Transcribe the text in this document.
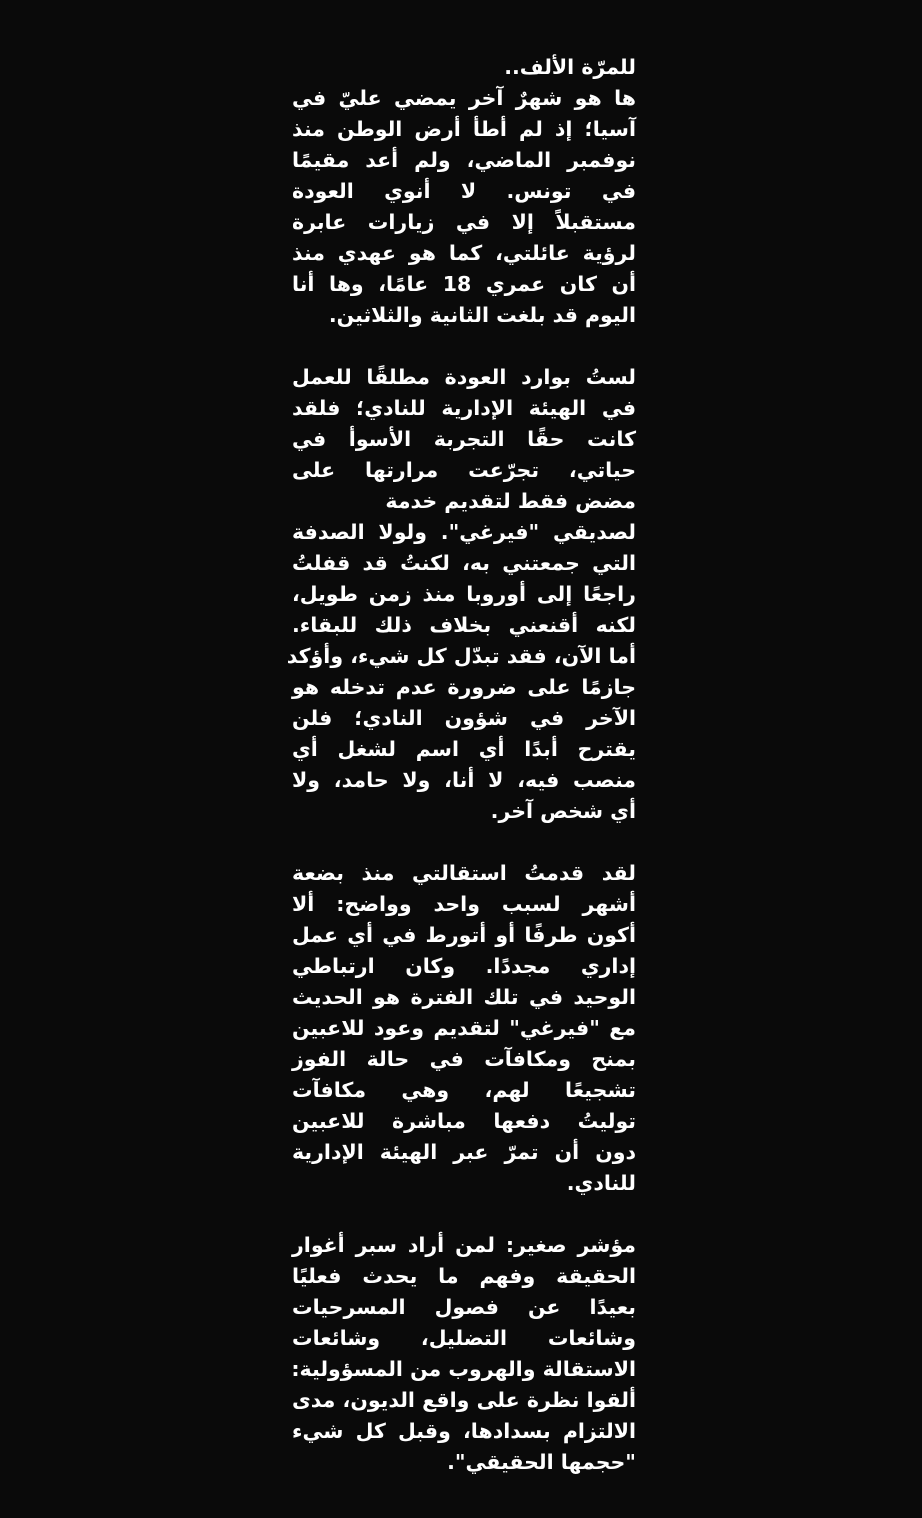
للمرّة الألف..
ها هو شهرٌ آخر يمضي عليّ في
آسيا؛ إذ لم أطأ أرض الوطن منذ
نوفمبر الماضي، ولم أعد مقيمًا
في تونس. لا أنوي العودة
مستقبلاً إلا في زيارات عابرة
لرؤية عائلتي، كما هو عهدي منذ
أن كان عمري 18 عامًا، وها أنا
اليوم قد بلغت الثانية والثلاثين.
لستُ بوارد العودة مطلقًا للعمل
في الهيئة الإدارية للنادي؛ فلقد
كانت حقًا التجربة الأسوأ في
حياتي، تجرّعت مرارتها على
مضض فقط لتقديم خدمة
لصديقي "فيرغي". ولولا الصدفة
التي جمعتني به، لكنتُ قد قفلتُ
راجعًا إلى أوروبا منذ زمن طويل،
لكنه أقنعني بخلاف ذلك للبقاء.
أما الآن، فقد تبدّل كل شيء، وأؤكد
جازمًا على ضرورة عدم تدخله هو
الآخر في شؤون النادي؛ فلن
يقترح أبدًا أي اسم لشغل أي
منصب فيه، لا أنا، ولا حامد، ولا
أي شخص آخر.
لقد قدمتُ استقالتي منذ بضعة
أشهر لسبب واحد وواضح: ألا
أكون طرفًا أو أتورط في أي عمل
إداري مجددًا. وكان ارتباطي
الوحيد في تلك الفترة هو الحديث
مع "فيرغي" لتقديم وعود للاعبين
بمنح ومكافآت في حالة الفوز
تشجيعًا لهم، وهي مكافآت
توليتُ دفعها مباشرة للاعبين
دون أن تمرّ عبر الهيئة الإدارية
للنادي.
مؤشر صغير: لمن أراد سبر أغوار
الحقيقة وفهم ما يحدث فعليًا
بعيدًا عن فصول المسرحيات
وشائعات التضليل، وشائعات
الاستقالة والهروب من المسؤولية:
ألقوا نظرة على واقع الديون، مدى
الالتزام بسدادها، وقبل كل شيء
"حجمها الحقيقي".
